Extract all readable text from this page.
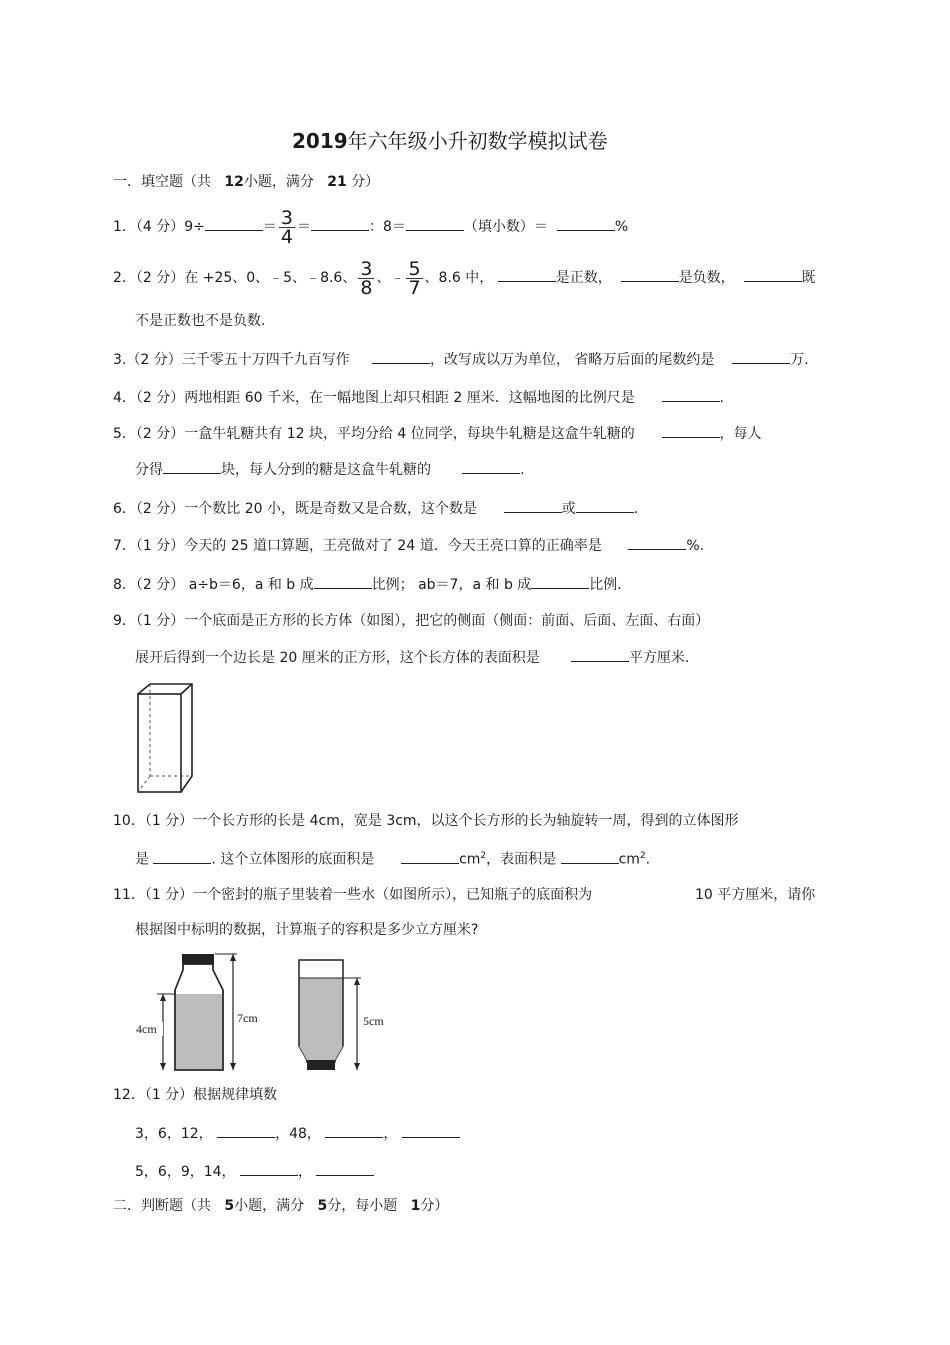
2019年六年级小升初数学模拟试卷
一．填空题（共 12小题，满分 21 分）
1．（4 分）9÷	＝ $\frac{3}{4}$ ＝	：8＝	（填小数）＝	%
2．（2 分）在 +25、0、﹣5、﹣8.6、 $\frac{3}{8}$ 、﹣ $\frac{5}{7}$ 、8.6 中，	是正数，	是负数，	既
不是正数也不是负数.
3.（2 分）三千零五十万四千九百写作	，改写成以万为单位， 省略万后面的尾数约是	万.
4．（2 分）两地相距 60 千米，在一幅地图上却只相距 2 厘米．这幅地图的比例尺是	.
5．（2 分）一盒牛轧糖共有 12 块，平均分给 4 位同学，每块牛轧糖是这盒牛轧糖的	，每人
分得	块，每人分到的糖是这盒牛轧糖的	.
6．（2 分）一个数比 20 小，既是奇数又是合数，这个数是	或	.
7．（1 分）今天的 25 道口算题，王亮做对了 24 道．今天王亮口算的正确率是	%.
8．（2 分） a÷b＝6，a 和 b 成	比例； ab＝7，a 和 b 成	比例.
9．（1 分）一个底面是正方形的长方体（如图），把它的侧面（侧面：前面、后面、左面、右面）
展开后得到一个边长是 20 厘米的正方形，这个长方体的表面积是	平方厘米.
10．（1 分）一个长方形的长是 4cm，宽是 3cm，以这个长方形的长为轴旋转一周，得到的立体图形
是	. 这个立体图形的底面积是	$cm^2$，表面积是	$cm^2$.
11．（1 分）一个密封的瓶子里装着一些水（如图所示），已知瓶子的底面积为	10 平方厘米，请你
根据图中标明的数据，计算瓶子的容积是多少立方厘米?
4cm
7cm	5cm
12．（1 分）根据规律填数
3，6，12，	，48，	，
5，6，9，14，	，
二．判断题（共 5小题，满分 5分，每小题 1分）
